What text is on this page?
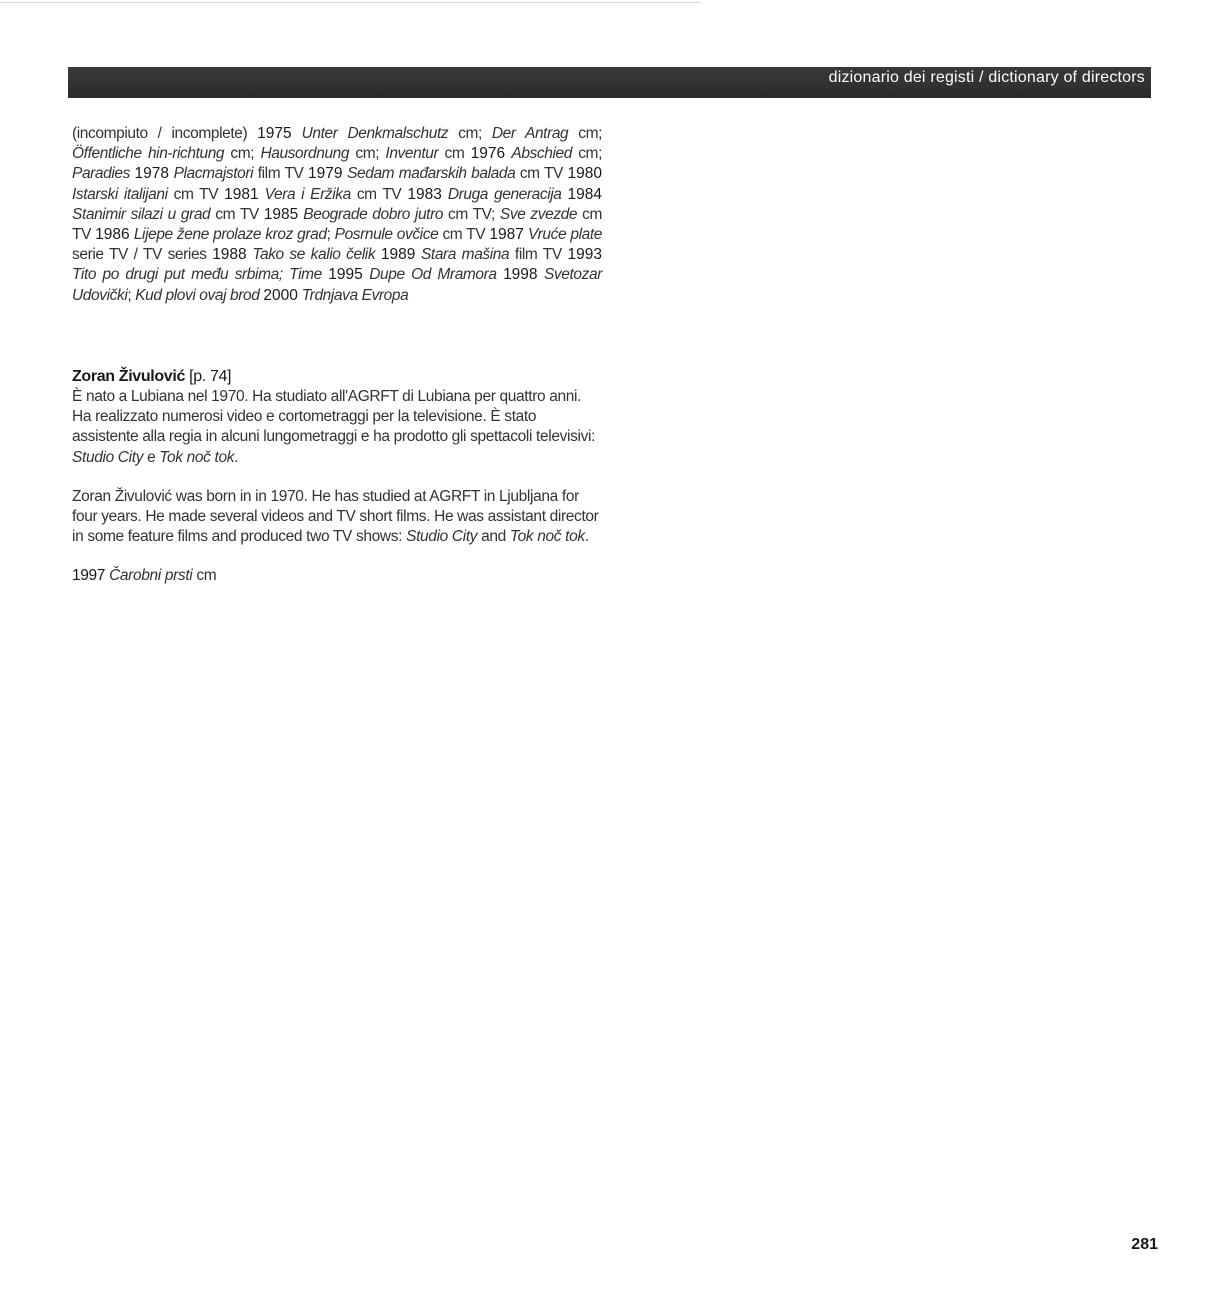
dizionario dei registi / dictionary of directors
(incompiuto / incomplete) 1975 Unter Denkmalschutz cm; Der Antrag cm; Öffentliche hin-richtung cm; Hausordnung cm; Inventur cm 1976 Abschied cm; Paradies 1978 Placmajstori film TV 1979 Sedam mađarskih balada cm TV 1980 Istarski italijani cm TV 1981 Vera i Eržika cm TV 1983 Druga generacija 1984 Stanimir silazi u grad cm TV 1985 Beograde dobro jutro cm TV; Sve zvezde cm TV 1986 Lijepe žene prolaze kroz grad; Posrnule ovčice cm TV 1987 Vruće plate serie TV / TV series 1988 Tako se kalio čelik 1989 Stara mašina film TV 1993 Tito po drugi put među srbima; Time 1995 Dupe Od Mramora 1998 Svetozar Udovički; Kud plovi ovaj brod 2000 Trdnjava Evropa

Zoran Živulović [p. 74]

È nato a Lubiana nel 1970. Ha studiato all'AGRFT di Lubiana per quattro anni. Ha realizzato numerosi video e cortometraggi per la televisione. È stato assistente alla regia in alcuni lungometraggi e ha prodotto gli spettacoli televisivi: Studio City e Tok noč tok.

Zoran Živulović was born in in 1970. He has studied at AGRFT in Ljubljana for four years. He made several videos and TV short films. He was assistant director in some feature films and produced two TV shows: Studio City and Tok noč tok.

1997 Čarobni prsti cm

281
